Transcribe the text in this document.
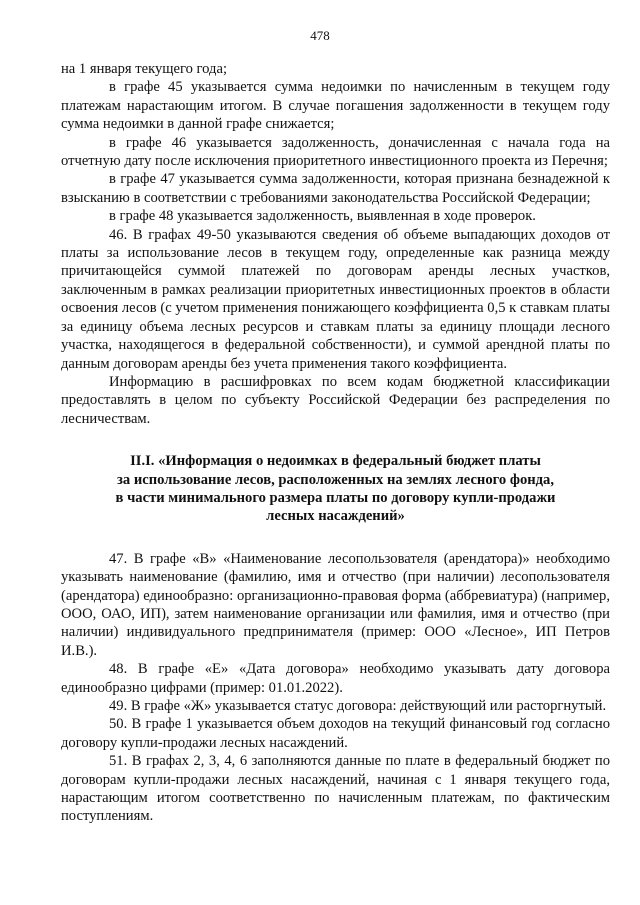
478

на 1 января текущего года;

в графе 45 указывается сумма недоимки по начисленным в текущем году платежам нарастающим итогом. В случае погашения задолженности в текущем году сумма недоимки в данной графе снижается;

в графе 46 указывается задолженность, доначисленная с начала года на отчетную дату после исключения приоритетного инвестиционного проекта из Перечня;

в графе 47 указывается сумма задолженности, которая признана безнадежной к взысканию в соответствии с требованиями законодательства Российской Федерации;

в графе 48 указывается задолженность, выявленная в ходе проверок.

46. В графах 49-50 указываются сведения об объеме выпадающих доходов от платы за использование лесов в текущем году, определенные как разница между причитающейся суммой платежей по договорам аренды лесных участков, заключенным в рамках реализации приоритетных инвестиционных проектов в области освоения лесов (с учетом применения понижающего коэффициента 0,5 к ставкам платы за единицу объема лесных ресурсов и ставкам платы за единицу площади лесного участка, находящегося в федеральной собственности), и суммой арендной платы по данным договорам аренды без учета применения такого коэффициента.

Информацию в расшифровках по всем кодам бюджетной классификации предоставлять в целом по субъекту Российской Федерации без распределения по лесничествам.

II.I. «Информация о недоимках в федеральный бюджет платы
за использование лесов, расположенных на землях лесного фонда,
в части минимального размера платы по договору купли-продажи
лесных насаждений»

47. В графе «В» «Наименование лесопользователя (арендатора)» необходимо указывать наименование (фамилию, имя и отчество (при наличии) лесопользователя (арендатора) единообразно: организационно-правовая форма (аббревиатура) (например, ООО, ОАО, ИП), затем наименование организации или фамилия, имя и отчество (при наличии) индивидуального предпринимателя (пример: ООО «Лесное», ИП Петров И.В.).

48. В графе «Е» «Дата договора» необходимо указывать дату договора единообразно цифрами (пример: 01.01.2022).

49. В графе «Ж» указывается статус договора: действующий или расторгнутый.

50. В графе 1 указывается объем доходов на текущий финансовый год согласно договору купли-продажи лесных насаждений.

51. В графах 2, 3, 4, 6 заполняются данные по плате в федеральный бюджет по договорам купли-продажи лесных насаждений, начиная с 1 января текущего года, нарастающим итогом соответственно по начисленным платежам, по фактическим поступлениям.
